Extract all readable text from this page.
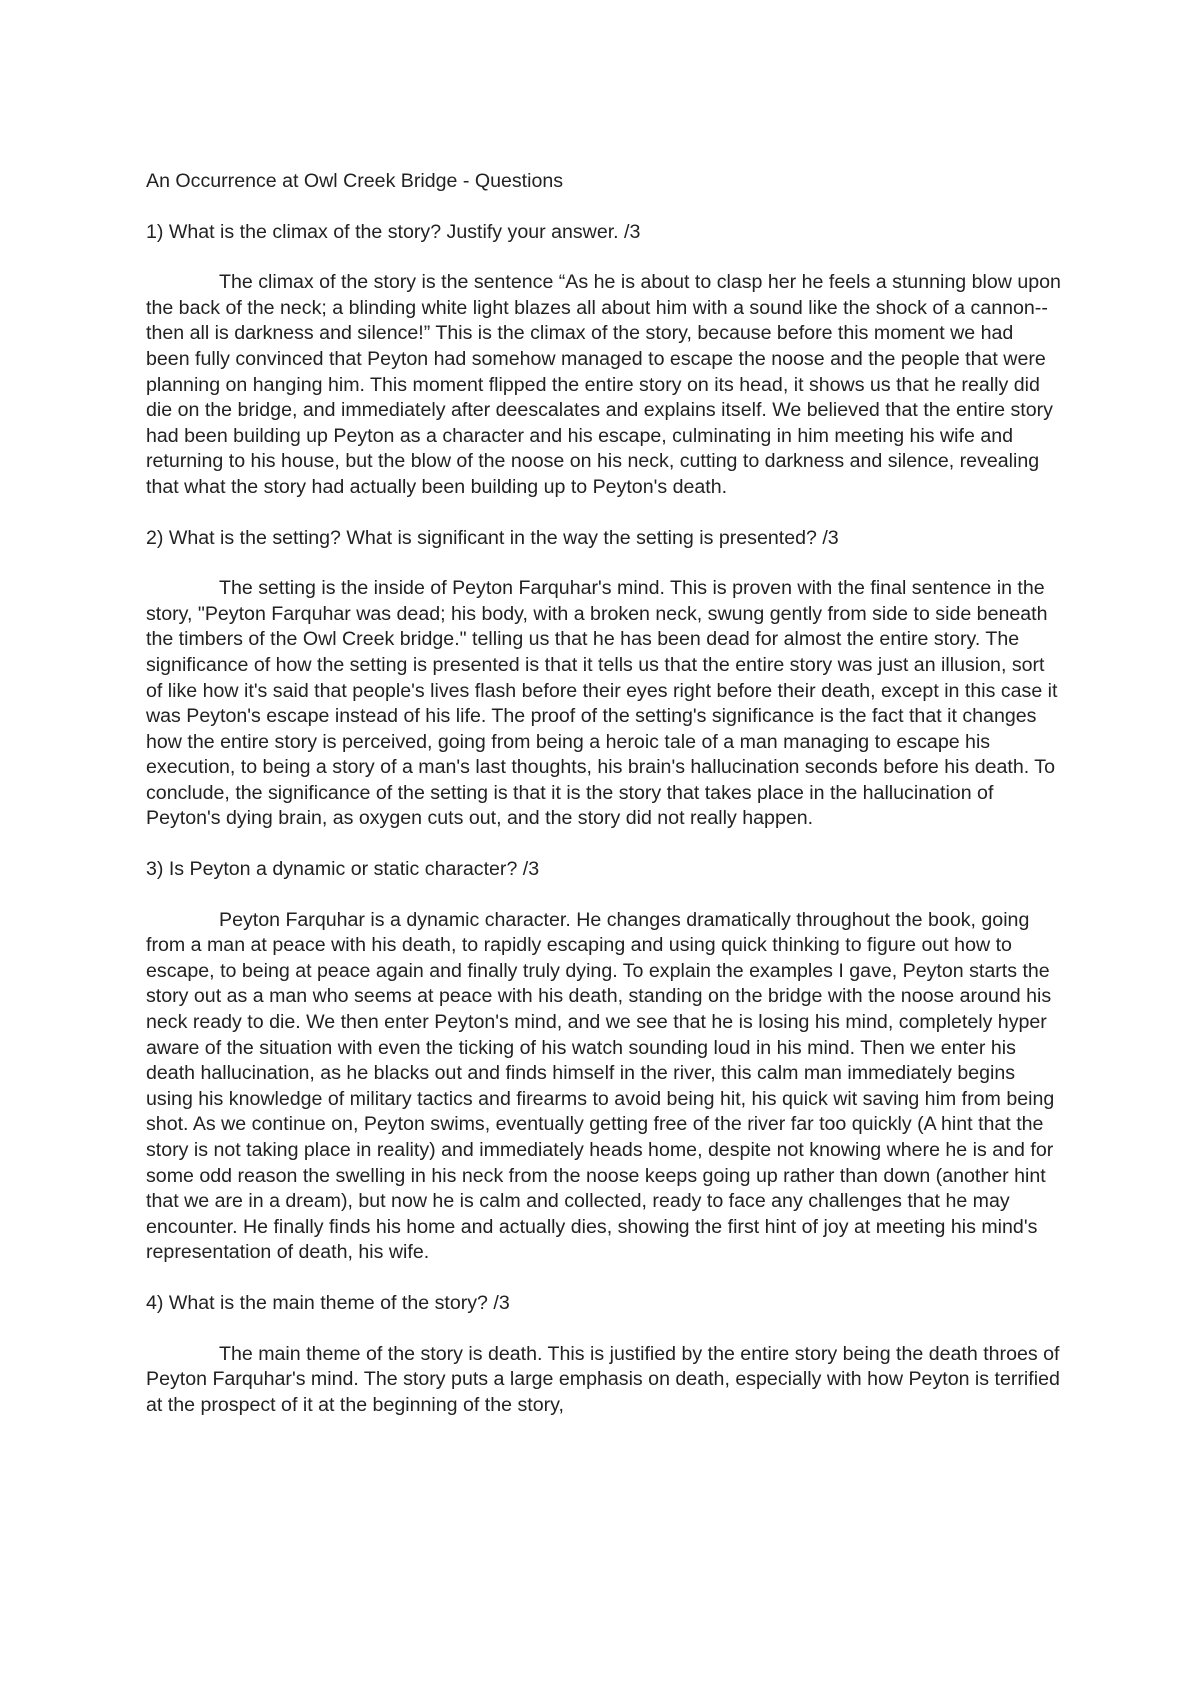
An Occurrence at Owl Creek Bridge - Questions

1) What is the climax of the story? Justify your answer. /3

The climax of the story is the sentence “As he is about to clasp her he feels a stunning blow upon the back of the neck; a blinding white light blazes all about him with a sound like the shock of a cannon--then all is darkness and silence!” This is the climax of the story, because before this moment we had been fully convinced that Peyton had somehow managed to escape the noose and the people that were planning on hanging him. This moment flipped the entire story on its head, it shows us that he really did die on the bridge, and immediately after deescalates and explains itself. We believed that the entire story had been building up Peyton as a character and his escape, culminating in him meeting his wife and returning to his house, but the blow of the noose on his neck, cutting to darkness and silence, revealing that what the story had actually been building up to Peyton's death.

2) What is the setting? What is significant in the way the setting is presented? /3

The setting is the inside of Peyton Farquhar's mind. This is proven with the final sentence in the story, "Peyton Farquhar was dead; his body, with a broken neck, swung gently from side to side beneath the timbers of the Owl Creek bridge." telling us that he has been dead for almost the entire story. The significance of how the setting is presented is that it tells us that the entire story was just an illusion, sort of like how it's said that people's lives flash before their eyes right before their death, except in this case it was Peyton's escape instead of his life. The proof of the setting's significance is the fact that it changes how the entire story is perceived, going from being a heroic tale of a man managing to escape his execution, to being a story of a man's last thoughts, his brain's hallucination seconds before his death. To conclude, the significance of the setting is that it is the story that takes place in the hallucination of Peyton's dying brain, as oxygen cuts out, and the story did not really happen.

3) Is Peyton a dynamic or static character? /3

Peyton Farquhar is a dynamic character. He changes dramatically throughout the book, going from a man at peace with his death, to rapidly escaping and using quick thinking to figure out how to escape, to being at peace again and finally truly dying. To explain the examples I gave, Peyton starts the story out as a man who seems at peace with his death, standing on the bridge with the noose around his neck ready to die. We then enter Peyton's mind, and we see that he is losing his mind, completely hyper aware of the situation with even the ticking of his watch sounding loud in his mind. Then we enter his death hallucination, as he blacks out and finds himself in the river, this calm man immediately begins using his knowledge of military tactics and firearms to avoid being hit, his quick wit saving him from being shot. As we continue on, Peyton swims, eventually getting free of the river far too quickly (A hint that the story is not taking place in reality) and immediately heads home, despite not knowing where he is and for some odd reason the swelling in his neck from the noose keeps going up rather than down (another hint that we are in a dream), but now he is calm and collected, ready to face any challenges that he may encounter. He finally finds his home and actually dies, showing the first hint of joy at meeting his mind's representation of death, his wife.

4) What is the main theme of the story? /3

The main theme of the story is death. This is justified by the entire story being the death throes of Peyton Farquhar's mind. The story puts a large emphasis on death, especially with how Peyton is terrified at the prospect of it at the beginning of the story,
